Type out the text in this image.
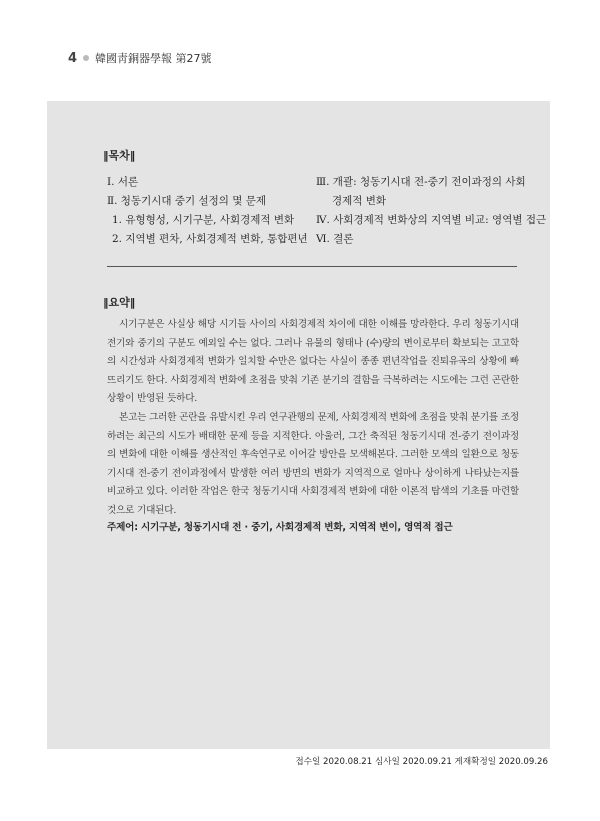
4 韓國靑銅器學報 第27號
‖목차‖
Ⅰ. 서론
Ⅱ. 청동기시대 중기 설정의 몇 문제
1. 유형형성, 시기구분, 사회경제적 변화
2. 지역별 편차, 사회경제적 변화, 통합편년
Ⅲ. 개괄: 청동기시대 전-중기 전이과정의 사회
경제적 변화
Ⅳ. 사회경제적 변화상의 지역별 비교: 영역별 접근
Ⅵ. 결론
‖요약‖

시기구분은 사실상 해당 시기들 사이의 사회경제적 차이에 대한 이해를 망라한다. 우리 청동기시대 전기와 중기의 구분도 예외일 수는 없다. 그러나 유물의 형태나 (수)량의 변이로부터 확보되는 고고학의 시간성과 사회경제적 변화가 일치할 수만은 없다는 사실이 종종 편년작업을 진퇴유곡의 상황에 빠뜨리기도 한다. 사회경제적 변화에 초점을 맞춰 기존 분기의 결함을 극복하려는 시도에는 그런 곤란한 상황이 반영된 듯하다.

본고는 그러한 곤란을 유발시킨 우리 연구관행의 문제, 사회경제적 변화에 초점을 맞춰 분기를 조정하려는 최근의 시도가 배태한 문제 등을 지적한다. 아울러, 그간 축적된 청동기시대 전-중기 전이과정의 변화에 대한 이해를 생산적인 후속연구로 이어갈 방안을 모색해본다. 그러한 모색의 일환으로 청동기시대 전-중기 전이과정에서 발생한 여러 방면의 변화가 지역적으로 얼마나 상이하게 나타났는지를 비교하고 있다. 이러한 작업은 한국 청동기시대 사회경제적 변화에 대한 이론적 탐색의 기초를 마련할 것으로 기대된다.

주제어: 시기구분, 청동기시대 전 · 중기, 사회경제적 변화, 지역적 변이, 영역적 접근
접수일 2020.08.21 심사일 2020.09.21 게재확정일 2020.09.26
